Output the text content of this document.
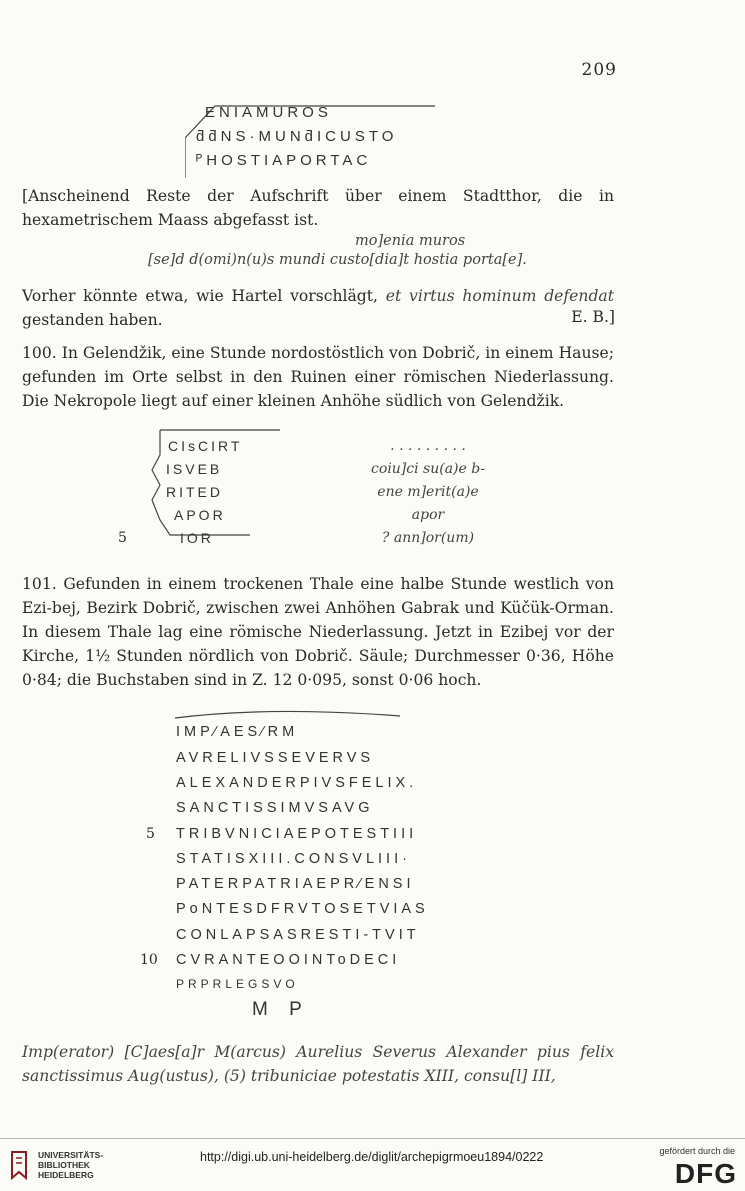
209
ENIAMUROS
ƌƌNS·MUNƌICUSTO
ᴾHOSTIAPORTAC
[Anscheinend Reste der Aufschrift über einem Stadtthor, die in hexametrischem Maass abgefasst ist.
mo]enia muros
[se]d d(omi)n(u)s mundi custo[dia]t hostia porta[e].
Vorher könnte etwa, wie Hartel vorschlägt, et virtus hominum defendat gestanden haben.	E. B.]
100. In Gelendžik, eine Stunde nordostöstlich von Dobrič, in einem Hause; gefunden im Orte selbst in den Ruinen einer römischen Niederlassung. Die Nekropole liegt auf einer kleinen Anhöhe südlich von Gelendžik.
CIsCIRT
ISVEB
RITED
APOR
IOR
5
. . . . . . . . .
coiu]ci su(a)e b-
ene m]erit(a)e
apor
? ann]or(um)
101. Gefunden in einem trockenen Thale eine halbe Stunde westlich von Ezi-bej, Bezirk Dobrič, zwischen zwei Anhöhen Gabrak und Küčük-Orman. In diesem Thale lag eine römische Niederlassung. Jetzt in Ezibej vor der Kirche, 1½ Stunden nördlich von Dobrič. Säule; Durchmesser 0·36, Höhe 0·84; die Buchstaben sind in Z. 12 0·095, sonst 0·06 hoch.
IMP⁄AES⁄RM
AVRELIVSSEVERVS
ALEXANDERPIVSFELIX.
SANCTISSIMVSAVG
TRIBVNICIAEPOTESTIII
STATISXIII.CONSVLIII·
PATERPATRIAEPR⁄ENSI
PoNTESDFRVTOSETVIAS
CONLAPSASRESTI-TVIT
CVRANTEOOINToDECI
PRPRLEGSVO
M P
5
10
Imp(erator) [C]aes[a]r M(arcus) Aurelius Severus Alexander pius felix sanctissimus Aug(ustus), (5) tribuniciae potestatis XIII, consu[l] III,
UNIVERSITÄTS-
BIBLIOTHEK
HEIDELBERG
http://digi.ub.uni-heidelberg.de/diglit/archepigrmoeu1894/0222	gefördert durch die
DFG
